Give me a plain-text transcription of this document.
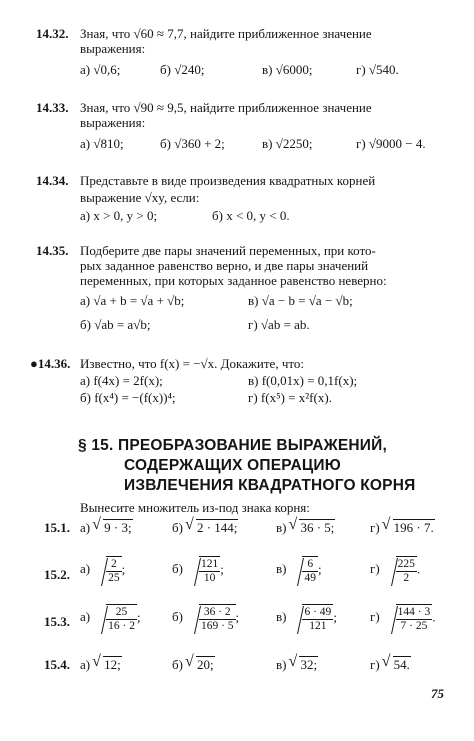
14.32. Зная, что √60 ≈ 7,7, найдите приближенное значение
выражения:
а) √0,6;	б) √240;	в) √6000;	г) √540.
14.33. Зная, что √90 ≈ 9,5, найдите приближенное значение
выражения:
а) √810;	б) √360 + 2;	в) √2250;	г) √9000 − 4.
14.34. Представьте в виде произведения квадратных корней
выражение √xy, если:
а) x > 0, y > 0;	б) x < 0, y < 0.
14.35. Подберите две пары значений переменных, при кото-
рых заданное равенство верно, и две пары значений
переменных, при которых заданное равенство неверно:
а) √a + b = √a + √b;	в) √a − b = √a − √b;
б) √ab = a√b;	г) √ab = ab.
●14.36. Известно, что f(x) = −√x. Докажите, что:
а) f(4x) = 2f(x);	в) f(0,01x) = 0,1f(x);
б) f(x⁴) = −(f(x))⁴;	г) f(x⁵) = x²f(x).
§ 15. ПРЕОБРАЗОВАНИЕ ВЫРАЖЕНИЙ,
СОДЕРЖАЩИХ ОПЕРАЦИЮ
ИЗВЛЕЧЕНИЯ КВАДРАТНОГО КОРНЯ
Вынесите множитель из-под знака корня:
15.1. а) √ 9 · 3;	б) √ 2 · 144;	в) √ 36 · 5;	г) √ 196 · 7.
15.2. $а) \frac{2}{25}$ ;	$б) \frac{121}{10}$ ;	$в) \frac{6}{49}$ ;	$г) \frac{225}{2}$ .
15.3. $а) \frac{25}{16 \cdot 2}$ ; $б) \frac{36 \cdot 2}{169 \cdot 5}$ ;	$в) \frac{6 \cdot 49}{121}$ ;	$г) \frac{144 \cdot 3}{7 \cdot 25}$ .
15.4. а) √ 12;	б) √ 20;	в) √ 32;	г) √ 54.
75
